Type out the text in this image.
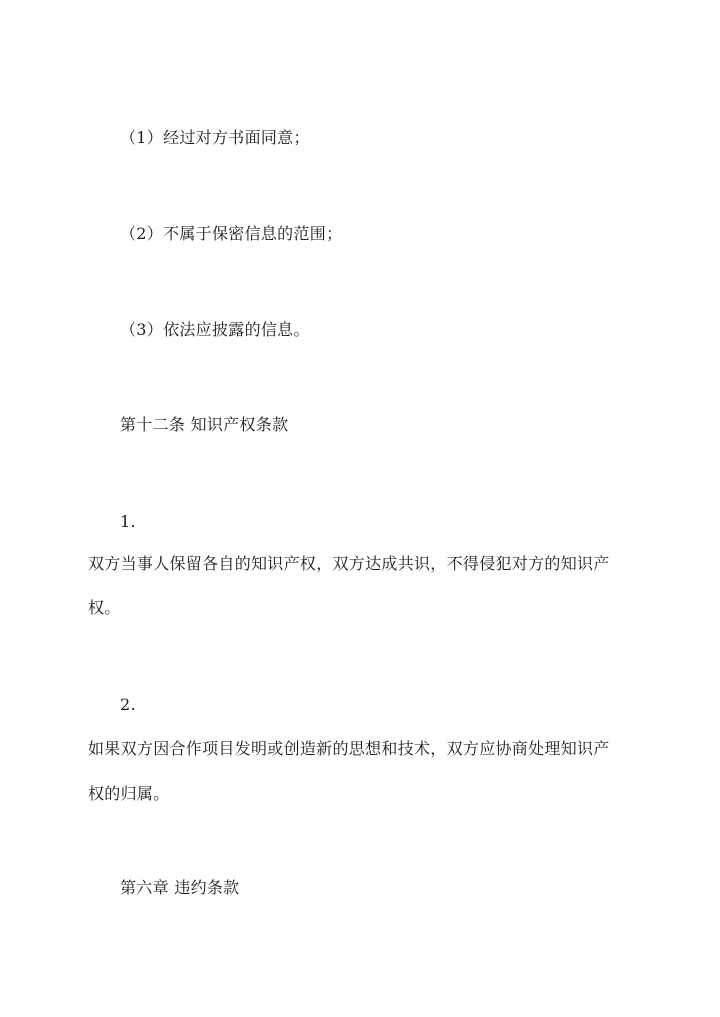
（1）经过对方书面同意；
（2）不属于保密信息的范围；
（3）依法应披露的信息。
第十二条 知识产权条款
1.
双方当事人保留各自的知识产权，双方达成共识，不得侵犯对方的知识产
权。
2.
如果双方因合作项目发明或创造新的思想和技术，双方应协商处理知识产
权的归属。
第六章 违约条款
